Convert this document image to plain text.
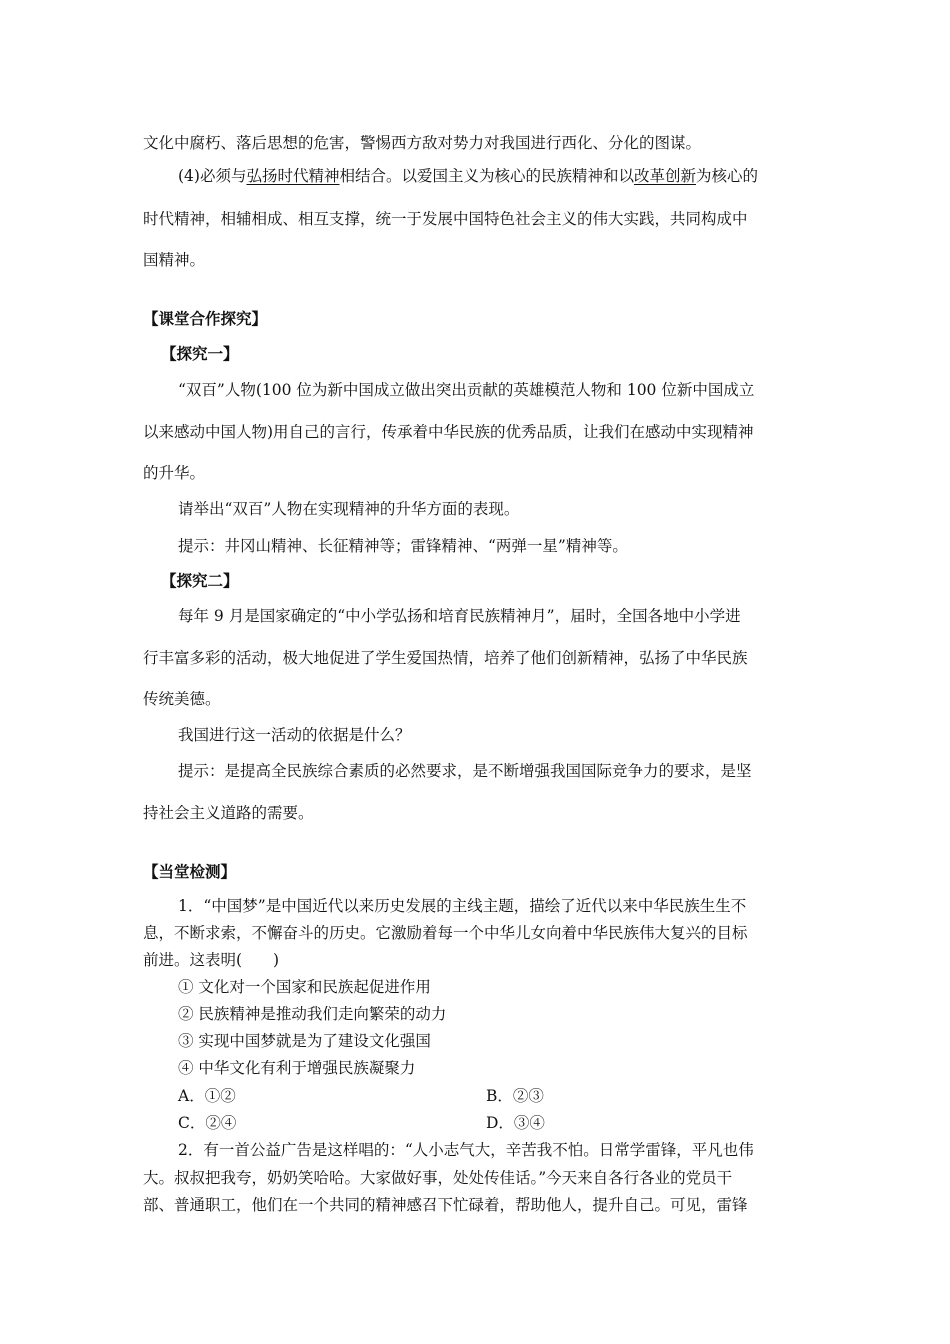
文化中腐朽、落后思想的危害，警惕西方敌对势力对我国进行西化、分化的图谋。
(4)必须与弘扬时代精神相结合。以爱国主义为核心的民族精神和以改革创新为核心的
时代精神，相辅相成、相互支撑，统一于发展中国特色社会主义的伟大实践，共同构成中
国精神。
【课堂合作探究】
【探究一】
“双百”人物(100 位为新中国成立做出突出贡献的英雄模范人物和 100 位新中国成立
以来感动中国人物)用自己的言行，传承着中华民族的优秀品质，让我们在感动中实现精神
的升华。
请举出“双百”人物在实现精神的升华方面的表现。
提示：井冈山精神、长征精神等；雷锋精神、“两弹一星”精神等。
【探究二】
每年 9 月是国家确定的“中小学弘扬和培育民族精神月”，届时，全国各地中小学进
行丰富多彩的活动，极大地促进了学生爱国热情，培养了他们创新精神，弘扬了中华民族
传统美德。
我国进行这一活动的依据是什么？
提示：是提高全民族综合素质的必然要求，是不断增强我国国际竞争力的要求，是坚
持社会主义道路的需要。
【当堂检测】
1．“中国梦”是中国近代以来历史发展的主线主题，描绘了近代以来中华民族生生不
息，不断求索，不懈奋斗的历史。它激励着每一个中华儿女向着中华民族伟大复兴的目标
前进。这表明(　　)
① 文化对一个国家和民族起促进作用
② 民族精神是推动我们走向繁荣的动力
③ 实现中国梦就是为了建设文化强国
④ 中华文化有利于增强民族凝聚力
A．①②	B．②③
C．②④	D．③④
2．有一首公益广告是这样唱的：“人小志气大，辛苦我不怕。日常学雷锋，平凡也伟
大。叔叔把我夸，奶奶笑哈哈。大家做好事，处处传佳话。”今天来自各行各业的党员干
部、普通职工，他们在一个共同的精神感召下忙碌着，帮助他人，提升自己。可见，雷锋
